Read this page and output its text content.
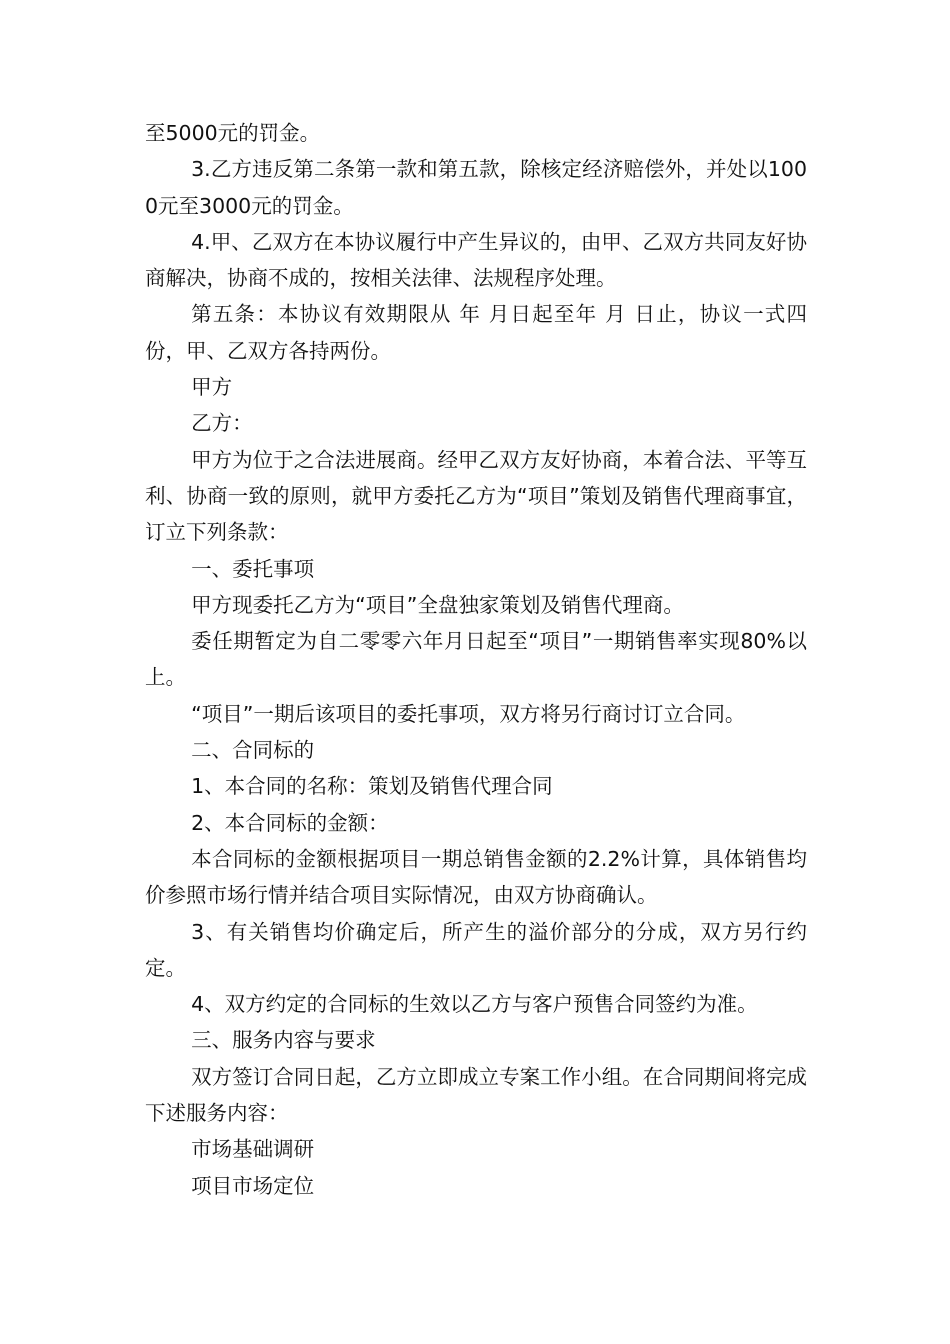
至5000元的罚金。

3.乙方违反第二条第一款和第五款，除核定经济赔偿外，并处以1000元至3000元的罚金。

4.甲、乙双方在本协议履行中产生异议的，由甲、乙双方共同友好协商解决，协商不成的，按相关法律、法规程序处理。

第五条：本协议有效期限从 年 月日起至年 月 日止，协议一式四份，甲、乙双方各持两份。

甲方

乙方：

甲方为位于之合法进展商。经甲乙双方友好协商，本着合法、平等互利、协商一致的原则，就甲方委托乙方为“项目”策划及销售代理商事宜，订立下列条款：

一、委托事项

甲方现委托乙方为“项目”全盘独家策划及销售代理商。

委任期暂定为自二零零六年月日起至“项目”一期销售率实现80%以上。

“项目”一期后该项目的委托事项，双方将另行商讨订立合同。

二、合同标的

1、本合同的名称：策划及销售代理合同

2、本合同标的金额：

本合同标的金额根据项目一期总销售金额的2.2%计算，具体销售均价参照市场行情并结合项目实际情况，由双方协商确认。

3、有关销售均价确定后，所产生的溢价部分的分成，双方另行约定。

4、双方约定的合同标的生效以乙方与客户预售合同签约为准。

三、服务内容与要求

双方签订合同日起，乙方立即成立专案工作小组。在合同期间将完成下述服务内容：

市场基础调研

项目市场定位
